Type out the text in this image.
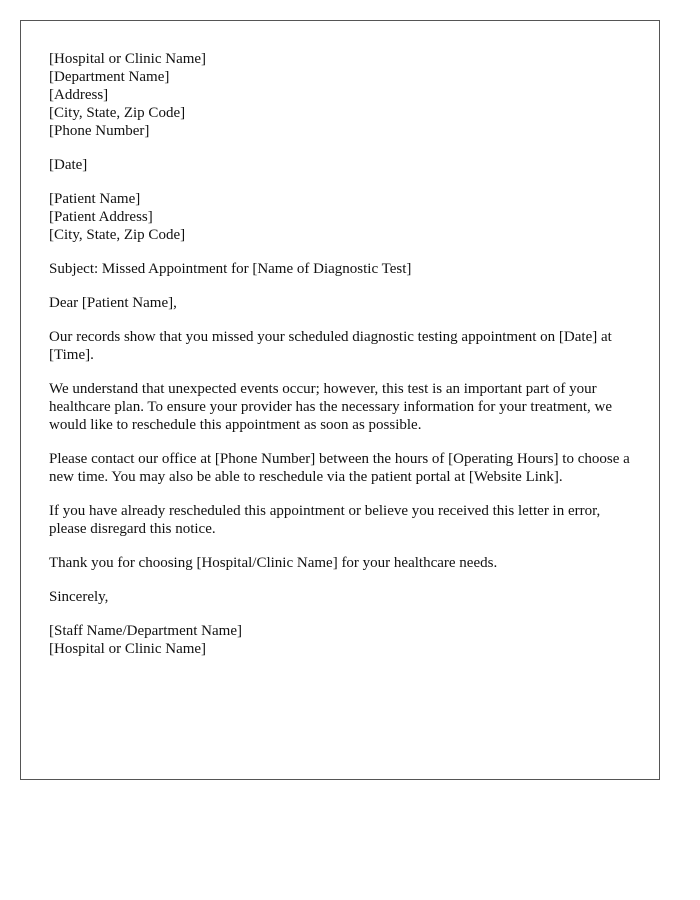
[Hospital or Clinic Name]
[Department Name]
[Address]
[City, State, Zip Code]
[Phone Number]
[Date]
[Patient Name]
[Patient Address]
[City, State, Zip Code]

Subject: Missed Appointment for [Name of Diagnostic Test]

Dear [Patient Name],

Our records show that you missed your scheduled diagnostic testing appointment on [Date] at [Time].

We understand that unexpected events occur; however, this test is an important part of your healthcare plan. To ensure your provider has the necessary information for your treatment, we would like to reschedule this appointment as soon as possible.

Please contact our office at [Phone Number] between the hours of [Operating Hours] to choose a new time. You may also be able to reschedule via the patient portal at [Website Link].

If you have already rescheduled this appointment or believe you received this letter in error, please disregard this notice.

Thank you for choosing [Hospital/Clinic Name] for your healthcare needs.

Sincerely,

[Staff Name/Department Name]
[Hospital or Clinic Name]
